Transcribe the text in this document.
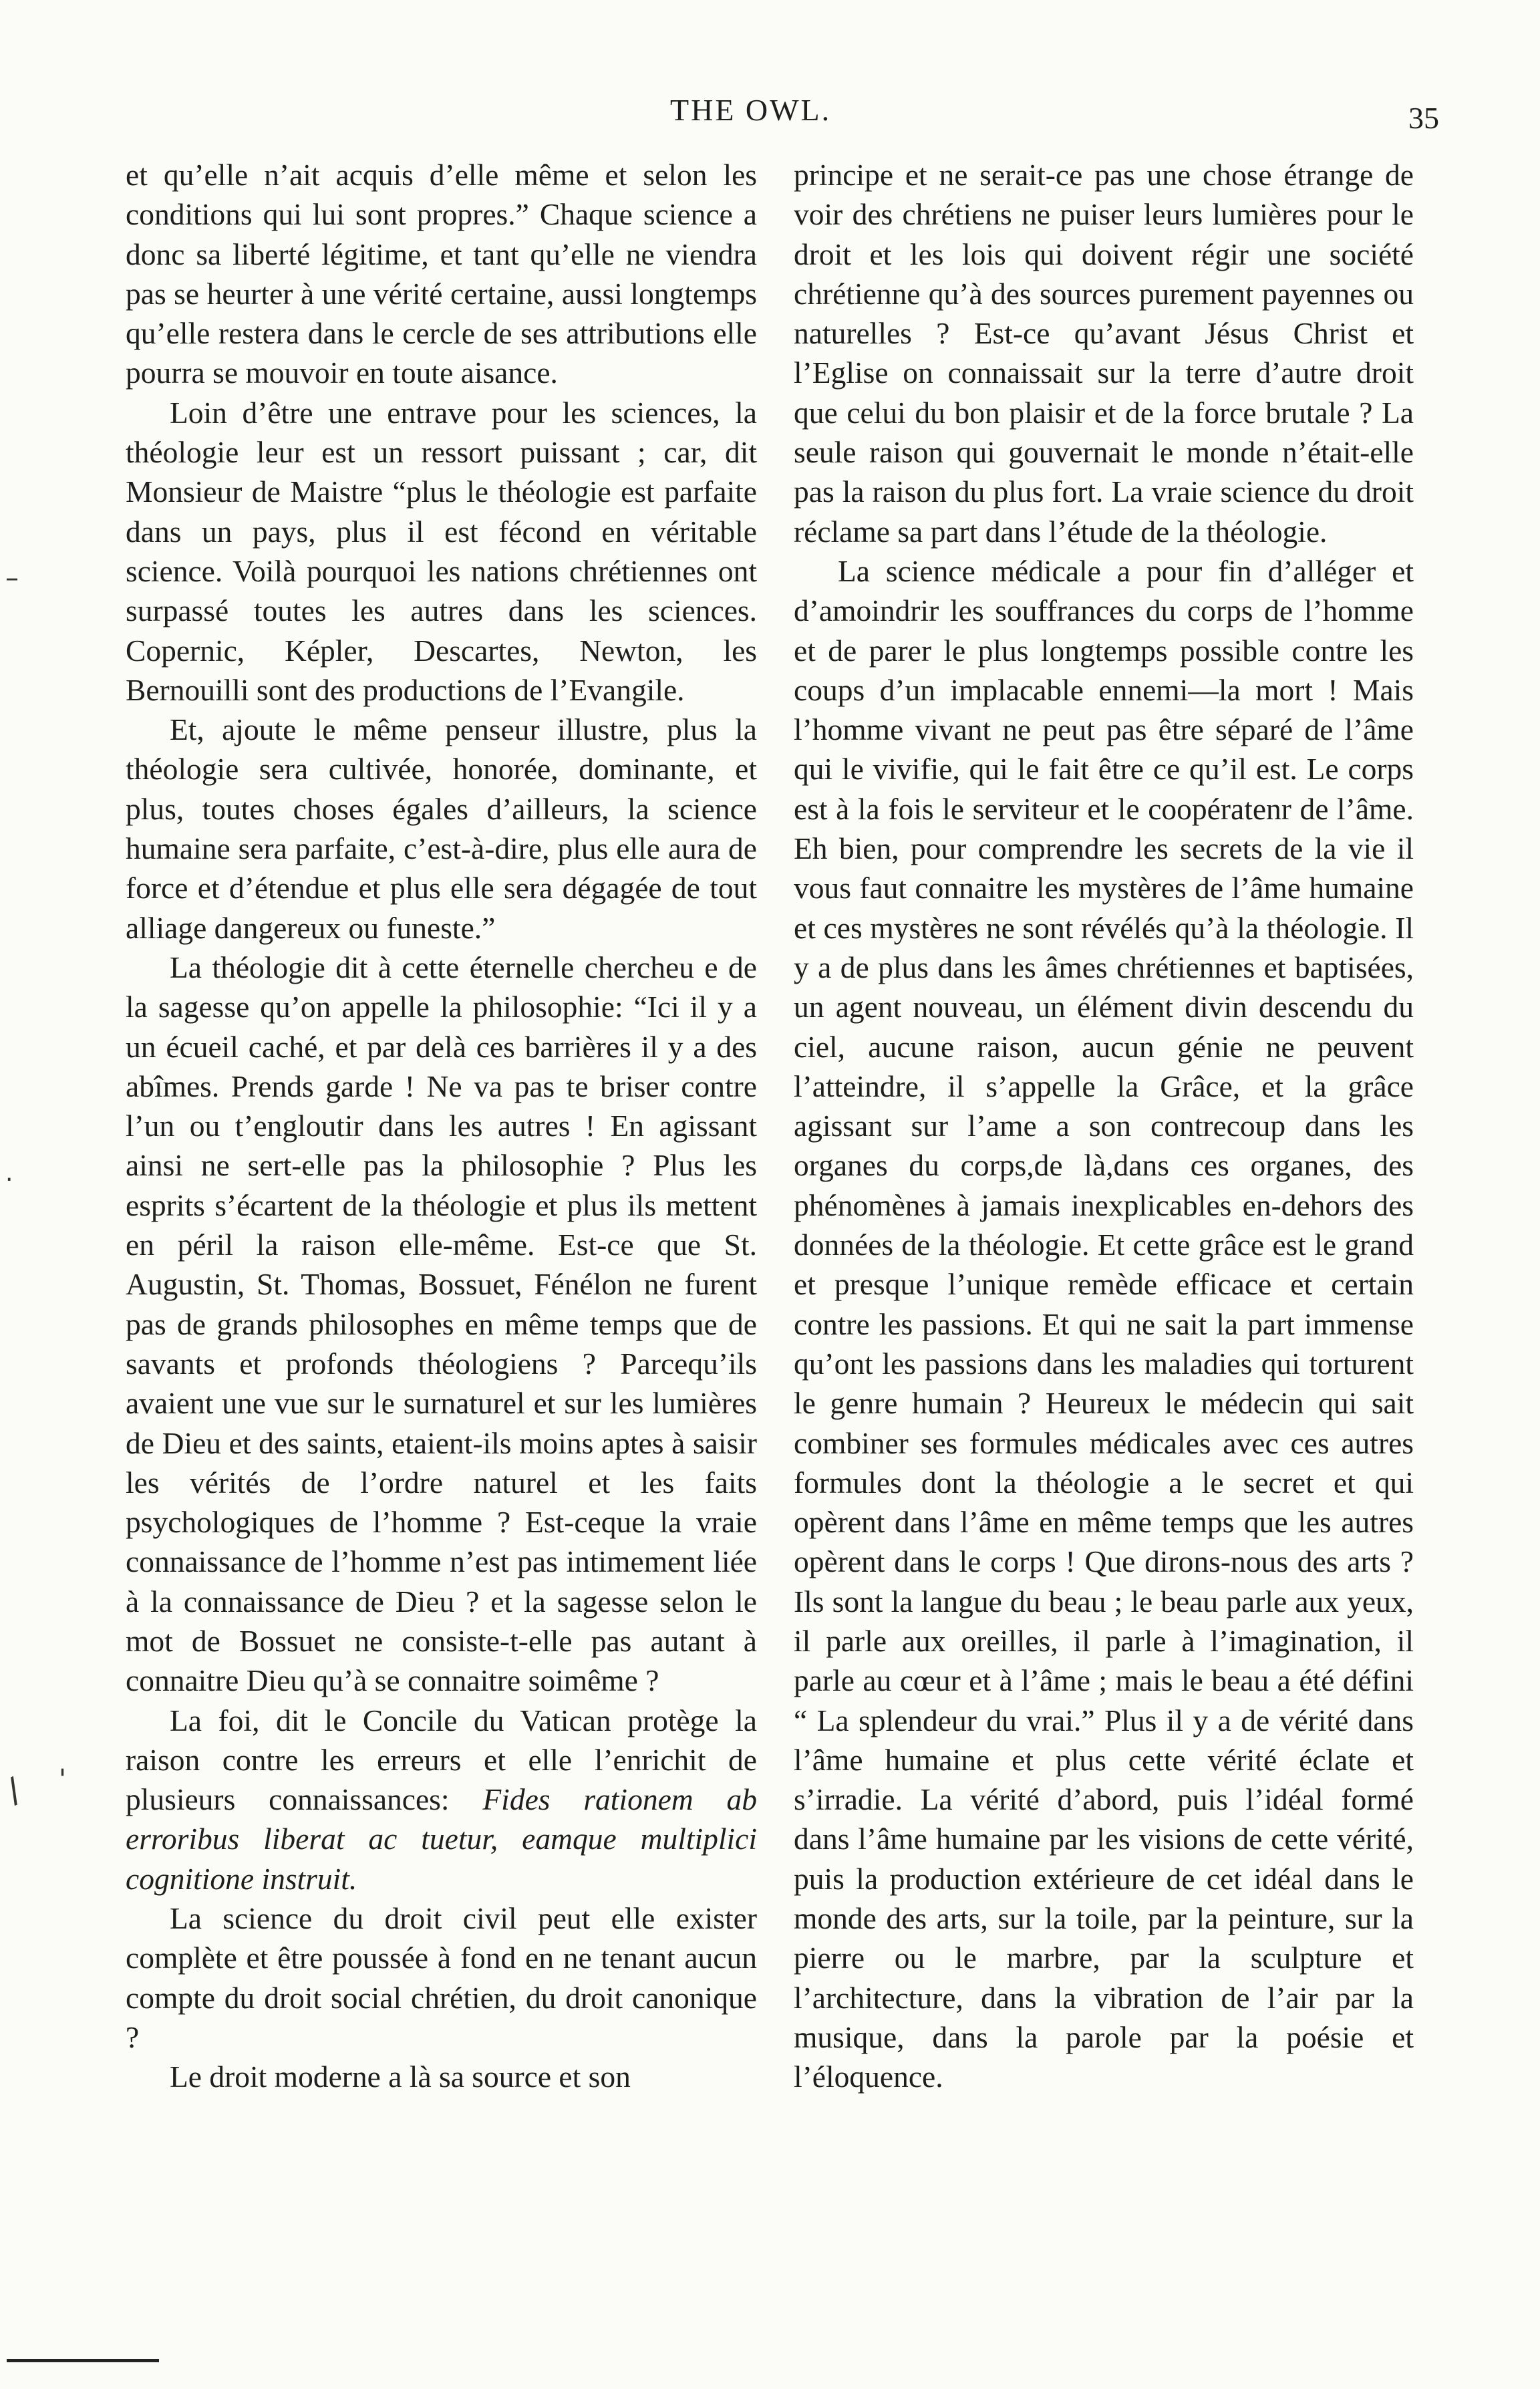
THE OWL.	35

et qu’elle n’ait acquis d’elle même et selon les conditions qui lui sont propres.” Chaque science a donc sa liberté légitime, et tant qu’elle ne viendra pas se heurter à une vérité certaine, aussi longtemps qu’elle restera dans le cercle de ses attributions elle pourra se mouvoir en toute aisance.

Loin d’être une entrave pour les sciences, la théologie leur est un ressort puissant ; car, dit Monsieur de Maistre “plus le théologie est parfaite dans un pays, plus il est fécond en véritable science. Voilà pourquoi les nations chrétiennes ont surpassé toutes les autres dans les sciences. Copernic, Képler, Descartes, Newton, les Bernouilli sont des productions de l’Evangile.

Et, ajoute le même penseur illustre, plus la théologie sera cultivée, honorée, dominante, et plus, toutes choses égales d’ailleurs, la science humaine sera parfaite, c’est-à-dire, plus elle aura de force et d’étendue et plus elle sera dégagée de tout alliage dangereux ou funeste.”

La théologie dit à cette éternelle chercheu e de la sagesse qu’on appelle la philosophie: “Ici il y a un écueil caché, et par delà ces barrières il y a des abîmes. Prends garde ! Ne va pas te briser contre l’un ou t’engloutir dans les autres ! En agissant ainsi ne sert-elle pas la philosophie ? Plus les esprits s’écartent de la théologie et plus ils mettent en péril la raison elle-même. Est-ce que St. Augustin, St. Thomas, Bossuet, Fénélon ne furent pas de grands philosophes en même temps que de savants et profonds théologiens ? Parcequ’ils avaient une vue sur le surnaturel et sur les lumières de Dieu et des saints, etaient-ils moins aptes à saisir les vérités de l’ordre naturel et les faits psychologiques de l’homme ? Est-ceque la vraie connaissance de l’homme n’est pas intimement liée à la connaissance de Dieu ? et la sagesse selon le mot de Bossuet ne consiste-t-elle pas autant à connaitre Dieu qu’à se connaitre soimême ?

La foi, dit le Concile du Vatican protège la raison contre les erreurs et elle l’enrichit de plusieurs connaissances: Fides rationem ab erroribus liberat ac tuetur, eamque multiplici cognitione instruit.

La science du droit civil peut elle exister complète et être poussée à fond en ne tenant aucun compte du droit social chrétien, du droit canonique ?

Le droit moderne a là sa source et son

principe et ne serait-ce pas une chose étrange de voir des chrétiens ne puiser leurs lumières pour le droit et les lois qui doivent régir une société chrétienne qu’à des sources purement payennes ou naturelles ? Est-ce qu’avant Jésus Christ et l’Eglise on connaissait sur la terre d’autre droit que celui du bon plaisir et de la force brutale ? La seule raison qui gouvernait le monde n’était-elle pas la raison du plus fort. La vraie science du droit réclame sa part dans l’étude de la théologie.

La science médicale a pour fin d’alléger et d’amoindrir les souffrances du corps de l’homme et de parer le plus longtemps possible contre les coups d’un implacable ennemi—la mort ! Mais l’homme vivant ne peut pas être séparé de l’âme qui le vivifie, qui le fait être ce qu’il est. Le corps est à la fois le serviteur et le coopératenr de l’âme. Eh bien, pour comprendre les secrets de la vie il vous faut connaitre les mystères de l’âme humaine et ces mystères ne sont révélés qu’à la théologie. Il y a de plus dans les âmes chrétiennes et baptisées, un agent nouveau, un élément divin descendu du ciel, aucune raison, aucun génie ne peuvent l’atteindre, il s’appelle la Grâce, et la grâce agissant sur l’ame a son contrecoup dans les organes du corps,de là,dans ces organes, des phénomènes à jamais inexplicables en-dehors des données de la théologie. Et cette grâce est le grand et presque l’unique remède efficace et certain contre les passions. Et qui ne sait la part immense qu’ont les passions dans les maladies qui torturent le genre humain ? Heureux le médecin qui sait combiner ses formules médicales avec ces autres formules dont la théologie a le secret et qui opèrent dans l’âme en même temps que les autres opèrent dans le corps ! Que dirons-nous des arts ? Ils sont la langue du beau ; le beau parle aux yeux, il parle aux oreilles, il parle à l’imagination, il parle au cœur et à l’âme ; mais le beau a été défini “ La splendeur du vrai.” Plus il y a de vérité dans l’âme humaine et plus cette vérité éclate et s’irradie. La vérité d’abord, puis l’idéal formé dans l’âme humaine par les visions de cette vérité, puis la production extérieure de cet idéal dans le monde des arts, sur la toile, par la peinture, sur la pierre ou le marbre, par la sculpture et l’architecture, dans la vibration de l’air par la musique, dans la parole par la poésie et l’éloquence.

–
·
/ '
